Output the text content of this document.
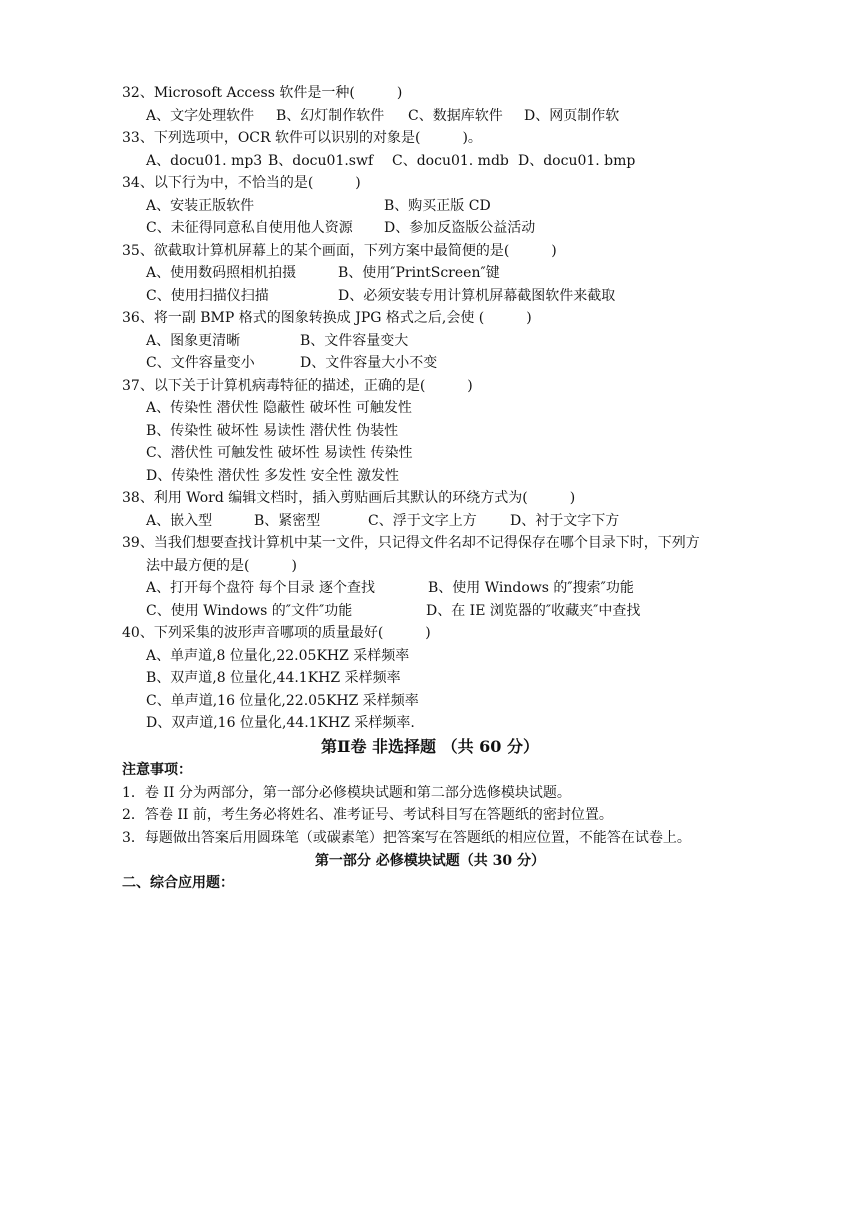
32、Microsoft Access 软件是一种(　　　)
A、文字处理软件 B、幻灯制作软件 C、数据库软件 D、网页制作软
33、下列选项中，OCR 软件可以识别的对象是(　　　)。
A、docu01. mp3 B、docu01.swf C、docu01. mdb D、docu01. bmp
34、以下行为中，不恰当的是(　　　)
A、安装正版软件	B、购买正版 CD
C、未征得同意私自使用他人资源 D、参加反盗版公益活动
35、欲截取计算机屏幕上的某个画面，下列方案中最简便的是(　　　)
A、使用数码照相机拍摄	B、使用″PrintScreen″键
C、使用扫描仪扫描	D、必须安装专用计算机屏幕截图软件来截取
36、将一副 BMP 格式的图象转换成 JPG 格式之后,会使 (　　　)
A、图象更清晰	B、文件容量变大
C、文件容量变小	D、文件容量大小不变
37、以下关于计算机病毒特征的描述，正确的是(　　　)
A、传染性 潜伏性 隐蔽性 破坏性 可触发性
B、传染性 破坏性 易读性 潜伏性 伪装性
C、潜伏性 可触发性 破坏性 易读性 传染性
D、传染性 潜伏性 多发性 安全性 激发性
38、利用 Word 编辑文档时，插入剪贴画后其默认的环绕方式为(　　　)
A、嵌入型	B、紧密型	C、浮于文字上方 D、衬于文字下方
39、当我们想要查找计算机中某一文件，只记得文件名却不记得保存在哪个目录下时，下列方
法中最方便的是(　　　)
A、打开每个盘符 每个目录 逐个查找	B、使用 Windows 的″搜索″功能
C、使用 Windows 的″文件″功能	D、在 IE 浏览器的″收藏夹″中查找
40、下列采集的波形声音哪项的质量最好(　　　)
A、单声道,8 位量化,22.05KHZ 采样频率
B、双声道,8 位量化,44.1KHZ 采样频率
C、单声道,16 位量化,22.05KHZ 采样频率
D、双声道,16 位量化,44.1KHZ 采样频率.
第Ⅱ卷 非选择题 （共 60 分）
注意事项：
1．卷 II 分为两部分，第一部分必修模块试题和第二部分选修模块试题。
2．答卷 II 前，考生务必将姓名、准考证号、考试科目写在答题纸的密封位置。
3．每题做出答案后用圆珠笔（或碳素笔）把答案写在答题纸的相应位置，不能答在试卷上。
第一部分 必修模块试题（共 30 分）
二、综合应用题：
